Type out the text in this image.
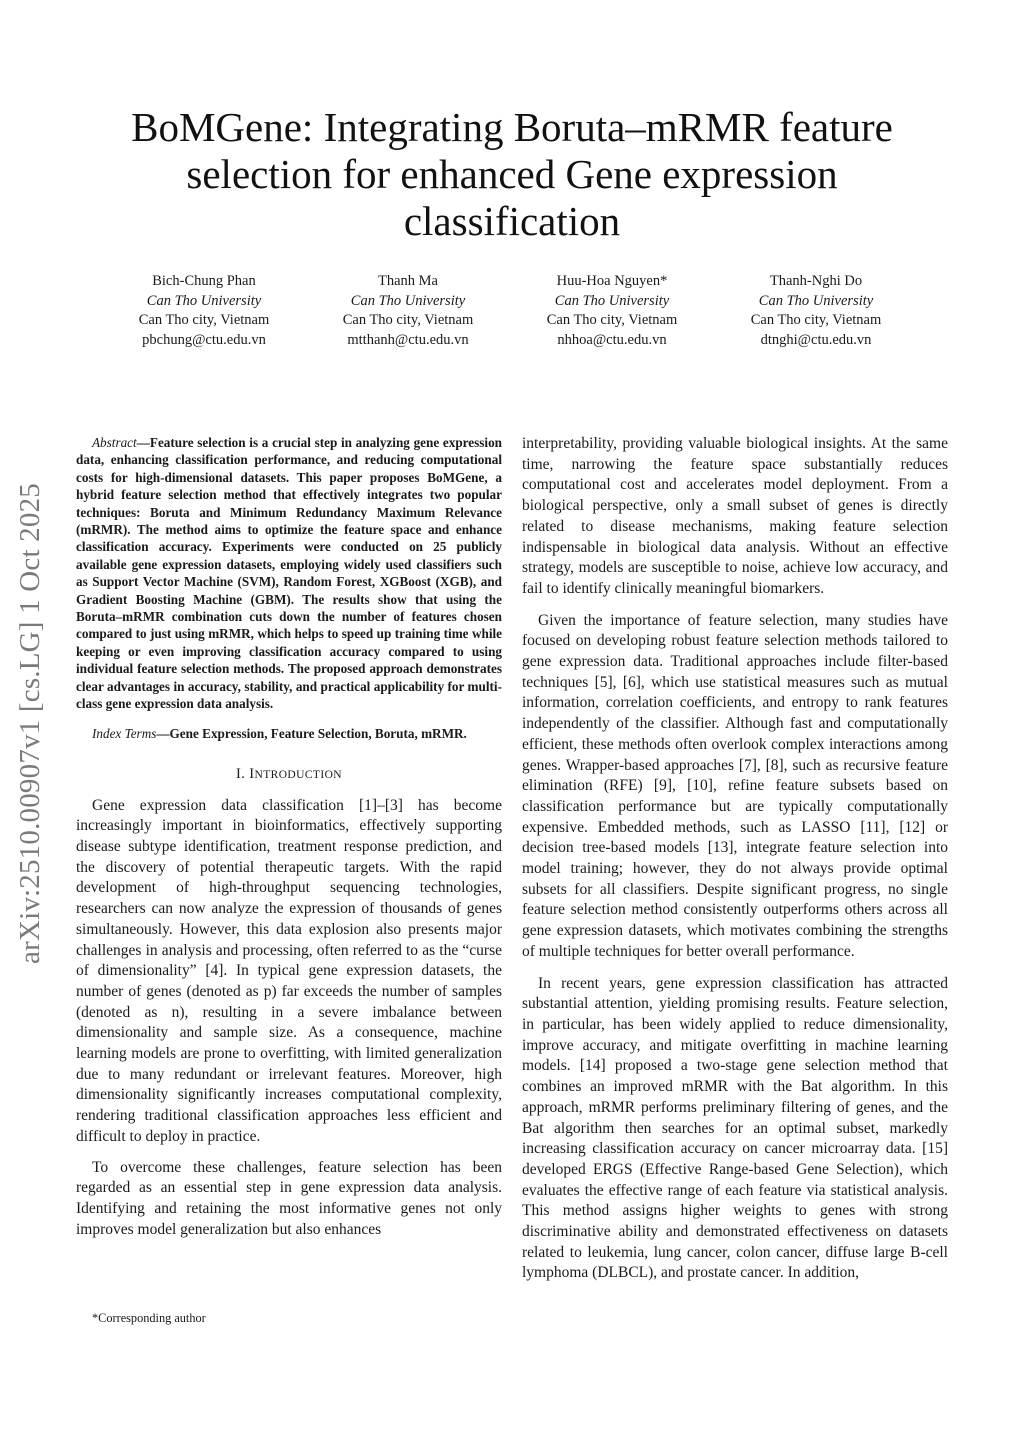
arXiv:2510.00907v1 [cs.LG] 1 Oct 2025
BoMGene: Integrating Boruta–mRMR feature selection for enhanced Gene expression classification
Bich-Chung Phan
Can Tho University
Can Tho city, Vietnam
pbchung@ctu.edu.vn
Thanh Ma
Can Tho University
Can Tho city, Vietnam
mtthanh@ctu.edu.vn
Huu-Hoa Nguyen*
Can Tho University
Can Tho city, Vietnam
nhhoa@ctu.edu.vn
Thanh-Nghi Do
Can Tho University
Can Tho city, Vietnam
dtnghi@ctu.edu.vn

Abstract—Feature selection is a crucial step in analyzing gene expression data, enhancing classification performance, and reducing computational costs for high-dimensional datasets. This paper proposes BoMGene, a hybrid feature selection method that effectively integrates two popular techniques: Boruta and Minimum Redundancy Maximum Relevance (mRMR). The method aims to optimize the feature space and enhance classification accuracy. Experiments were conducted on 25 publicly available gene expression datasets, employing widely used classifiers such as Support Vector Machine (SVM), Random Forest, XGBoost (XGB), and Gradient Boosting Machine (GBM). The results show that using the Boruta–mRMR combination cuts down the number of features chosen compared to just using mRMR, which helps to speed up training time while keeping or even improving classification accuracy compared to using individual feature selection methods. The proposed approach demonstrates clear advantages in accuracy, stability, and practical applicability for multi-class gene expression data analysis.

Index Terms—Gene Expression, Feature Selection, Boruta, mRMR.

I. INTRODUCTION

Gene expression data classification [1]–[3] has become increasingly important in bioinformatics, effectively supporting disease subtype identification, treatment response prediction, and the discovery of potential therapeutic targets. With the rapid development of high-throughput sequencing technologies, researchers can now analyze the expression of thousands of genes simultaneously. However, this data explosion also presents major challenges in analysis and processing, often referred to as the “curse of dimensionality” [4]. In typical gene expression datasets, the number of genes (denoted as p) far exceeds the number of samples (denoted as n), resulting in a severe imbalance between dimensionality and sample size. As a consequence, machine learning models are prone to overfitting, with limited generalization due to many redundant or irrelevant features. Moreover, high dimensionality significantly increases computational complexity, rendering traditional classification approaches less efficient and difficult to deploy in practice.

To overcome these challenges, feature selection has been regarded as an essential step in gene expression data analysis. Identifying and retaining the most informative genes not only improves model generalization but also enhances

interpretability, providing valuable biological insights. At the same time, narrowing the feature space substantially reduces computational cost and accelerates model deployment. From a biological perspective, only a small subset of genes is directly related to disease mechanisms, making feature selection indispensable in biological data analysis. Without an effective strategy, models are susceptible to noise, achieve low accuracy, and fail to identify clinically meaningful biomarkers.

Given the importance of feature selection, many studies have focused on developing robust feature selection methods tailored to gene expression data. Traditional approaches include filter-based techniques [5], [6], which use statistical measures such as mutual information, correlation coefficients, and entropy to rank features independently of the classifier. Although fast and computationally efficient, these methods often overlook complex interactions among genes. Wrapper-based approaches [7], [8], such as recursive feature elimination (RFE) [9], [10], refine feature subsets based on classification performance but are typically computationally expensive. Embedded methods, such as LASSO [11], [12] or decision tree-based models [13], integrate feature selection into model training; however, they do not always provide optimal subsets for all classifiers. Despite significant progress, no single feature selection method consistently outperforms others across all gene expression datasets, which motivates combining the strengths of multiple techniques for better overall performance.

In recent years, gene expression classification has attracted substantial attention, yielding promising results. Feature selection, in particular, has been widely applied to reduce dimensionality, improve accuracy, and mitigate overfitting in machine learning models. [14] proposed a two-stage gene selection method that combines an improved mRMR with the Bat algorithm. In this approach, mRMR performs preliminary filtering of genes, and the Bat algorithm then searches for an optimal subset, markedly increasing classification accuracy on cancer microarray data. [15] developed ERGS (Effective Range-based Gene Selection), which evaluates the effective range of each feature via statistical analysis. This method assigns higher weights to genes with strong discriminative ability and demonstrated effectiveness on datasets related to leukemia, lung cancer, colon cancer, diffuse large B-cell lymphoma (DLBCL), and prostate cancer. In addition,

*Corresponding author
